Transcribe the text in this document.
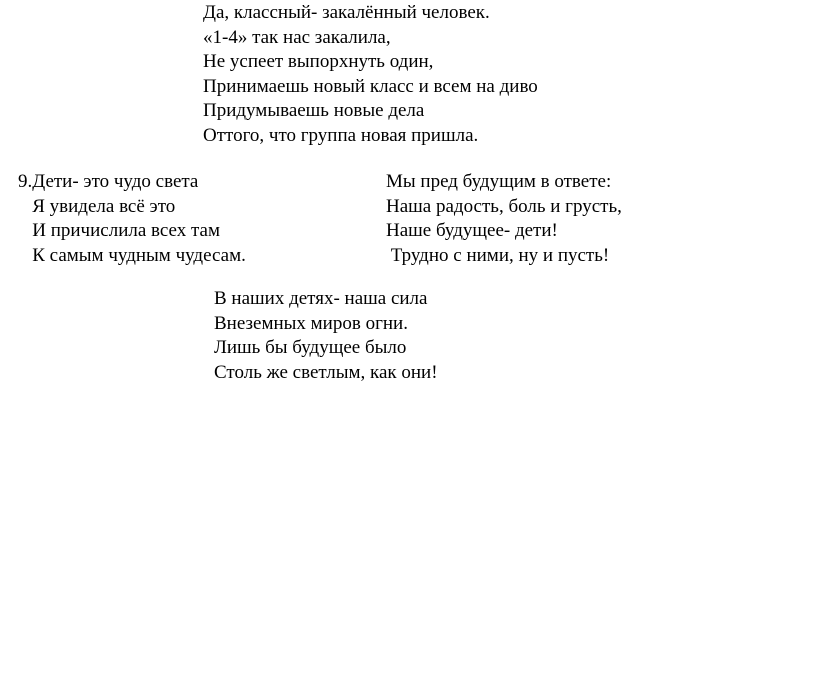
Да, классный- закалённый человек.
«1-4» так нас закалила,
Не успеет выпорхнуть один,
Принимаешь новый класс и всем на диво
Придумываешь новые дела
Оттого, что группа новая пришла.
9.Дети- это чудо света
Я увидела всё это
И причислила всех там
К самым чудным чудесам.
Мы пред будущим в ответе:
Наша радость, боль и грусть,
Наше будущее- дети!
Трудно с ними, ну и пусть!
В наших детях- наша сила
Внеземных миров огни.
Лишь бы будущее было
Столь же светлым, как они!
